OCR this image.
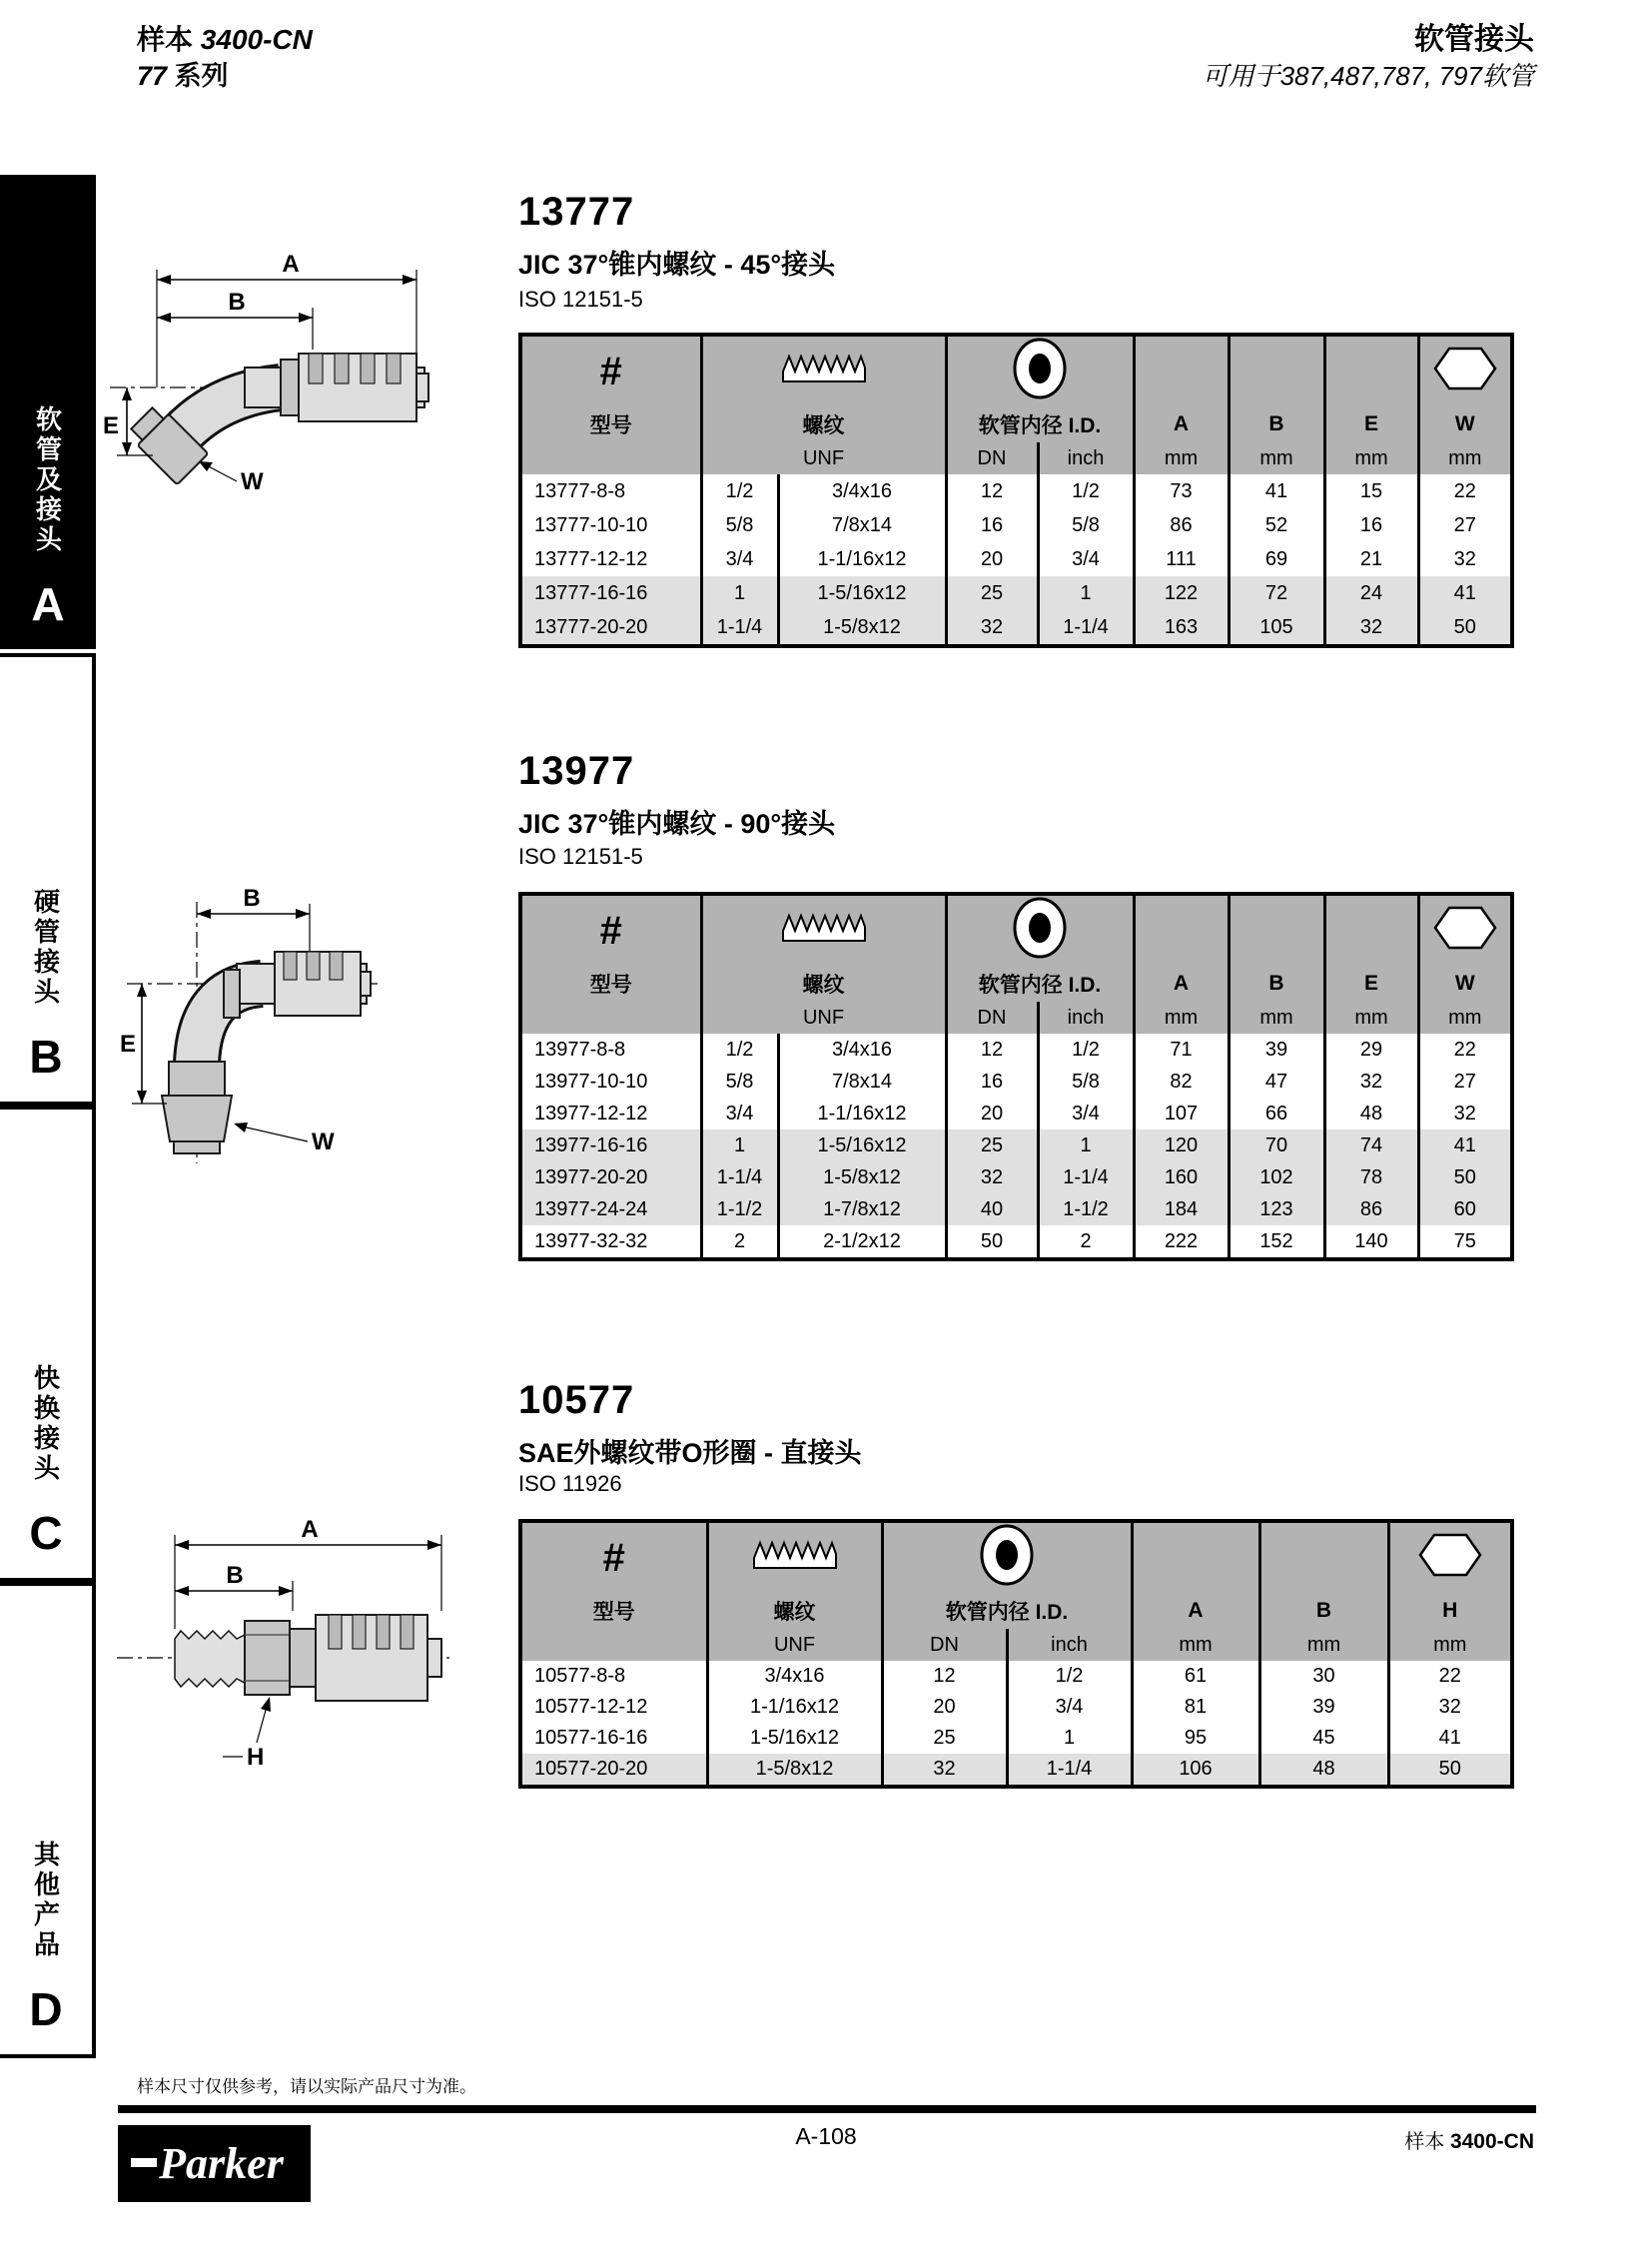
样本 3400-CN
77 系列
软管接头
可用于387,487,787, 797软管
软管及接头
A
硬管接头
B
快换接头
C
其他产品
D
13777
JIC 37°锥内螺纹 - 45°接头
ISO 12151-5
A
B
E
W
#

型号	螺纹		软管内径 I.D.		A	B	E	W
	UNF		DN	inch	mm	mm	mm	mm
13777-8-8	1/2	3/4x16	12	1/2	73	41	15	22
13777-10-10	5/8	7/8x14	16	5/8	86	52	16	27
13777-12-12	3/4	1-1/16x12	20	3/4	111	69	21	32
13777-16-16	1	1-5/16x12	25	1	122	72	24	41
13777-20-20	1-1/4	1-5/8x12	32	1-1/4	163	105	32	50
13977
JIC 37°锥内螺纹 - 90°接头
ISO 12151-5
B
E
W
#

型号	螺纹		软管内径 I.D.		A	B	E	W
	UNF		DN	inch	mm	mm	mm	mm
13977-8-8	1/2	3/4x16	12	1/2	71	39	29	22
13977-10-10	5/8	7/8x14	16	5/8	82	47	32	27
13977-12-12	3/4	1-1/16x12	20	3/4	107	66	48	32
13977-16-16	1	1-5/16x12	25	1	120	70	74	41
13977-20-20	1-1/4	1-5/8x12	32	1-1/4	160	102	78	50
13977-24-24	1-1/2	1-7/8x12	40	1-1/2	184	123	86	60
13977-32-32	2	2-1/2x12	50	2	222	152	140	75
10577
SAE外螺纹带O形圈 - 直接头
ISO 11926
A
B
H
#

型号	螺纹	软管内径 I.D.		A	B	H
	UNF	DN	inch	mm	mm	mm
10577-8-8	3/4x16	12	1/2	61	30	22
10577-12-12	1-1/16x12	20	3/4	81	39	32
10577-16-16	1-5/16x12	25	1	95	45	41
10577-20-20	1-5/8x12	32	1-1/4	106	48	50
样本尺寸仅供参考，请以实际产品尺寸为准。
A-108	样本 3400-CN
Parker
